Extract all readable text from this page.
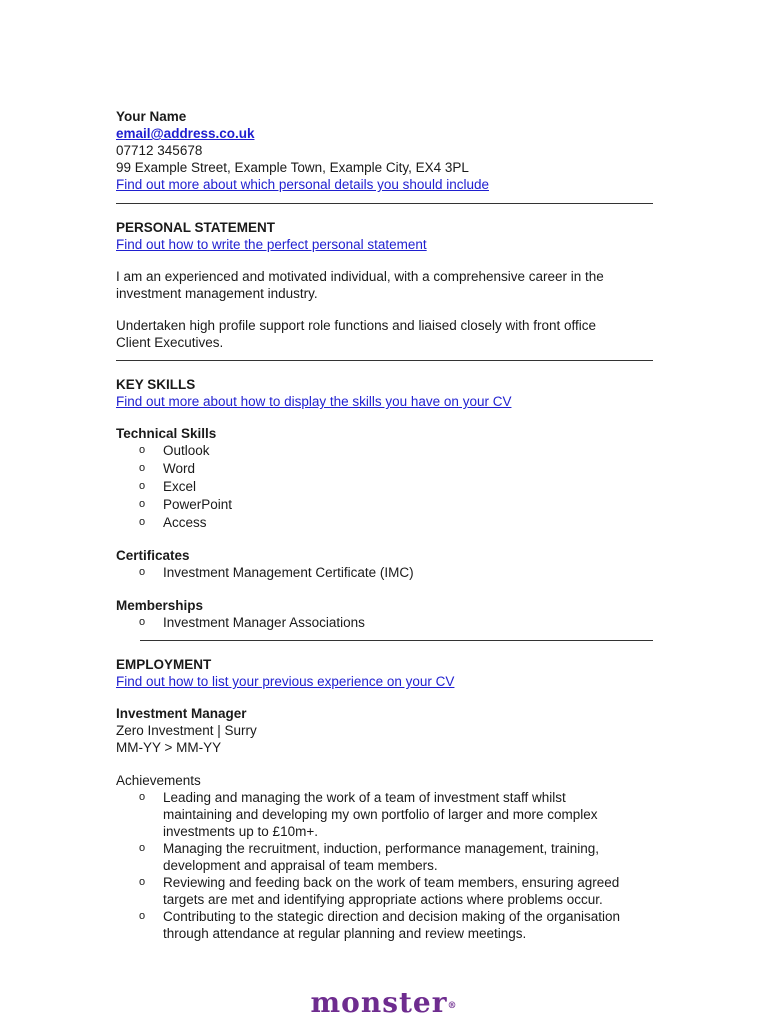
Your Name
email@address.co.uk
07712 345678
99 Example Street, Example Town, Example City, EX4 3PL
Find out more about which personal details you should include
PERSONAL STATEMENT
Find out how to write the perfect personal statement
I am an experienced and motivated individual, with a comprehensive career in the
investment management industry.
Undertaken high profile support role functions and liaised closely with front office
Client Executives.
KEY SKILLS
Find out more about how to display the skills you have on your CV
Technical Skills
o Outlook
o Word
o Excel
o PowerPoint
o Access
Certificates
o Investment Management Certificate (IMC)
Memberships
o Investment Manager Associations
EMPLOYMENT
Find out how to list your previous experience on your CV
Investment Manager
Zero Investment | Surry
MM-YY > MM-YY
Achievements
o Leading and managing the work of a team of investment staff whilst
maintaining and developing my own portfolio of larger and more complex
investments up to £10m+.
o Managing the recruitment, induction, performance management, training,
development and appraisal of team members.
o Reviewing and feeding back on the work of team members, ensuring agreed
targets are met and identifying appropriate actions where problems occur.
o Contributing to the stategic direction and decision making of the organisation
through attendance at regular planning and review meetings.
monster®
